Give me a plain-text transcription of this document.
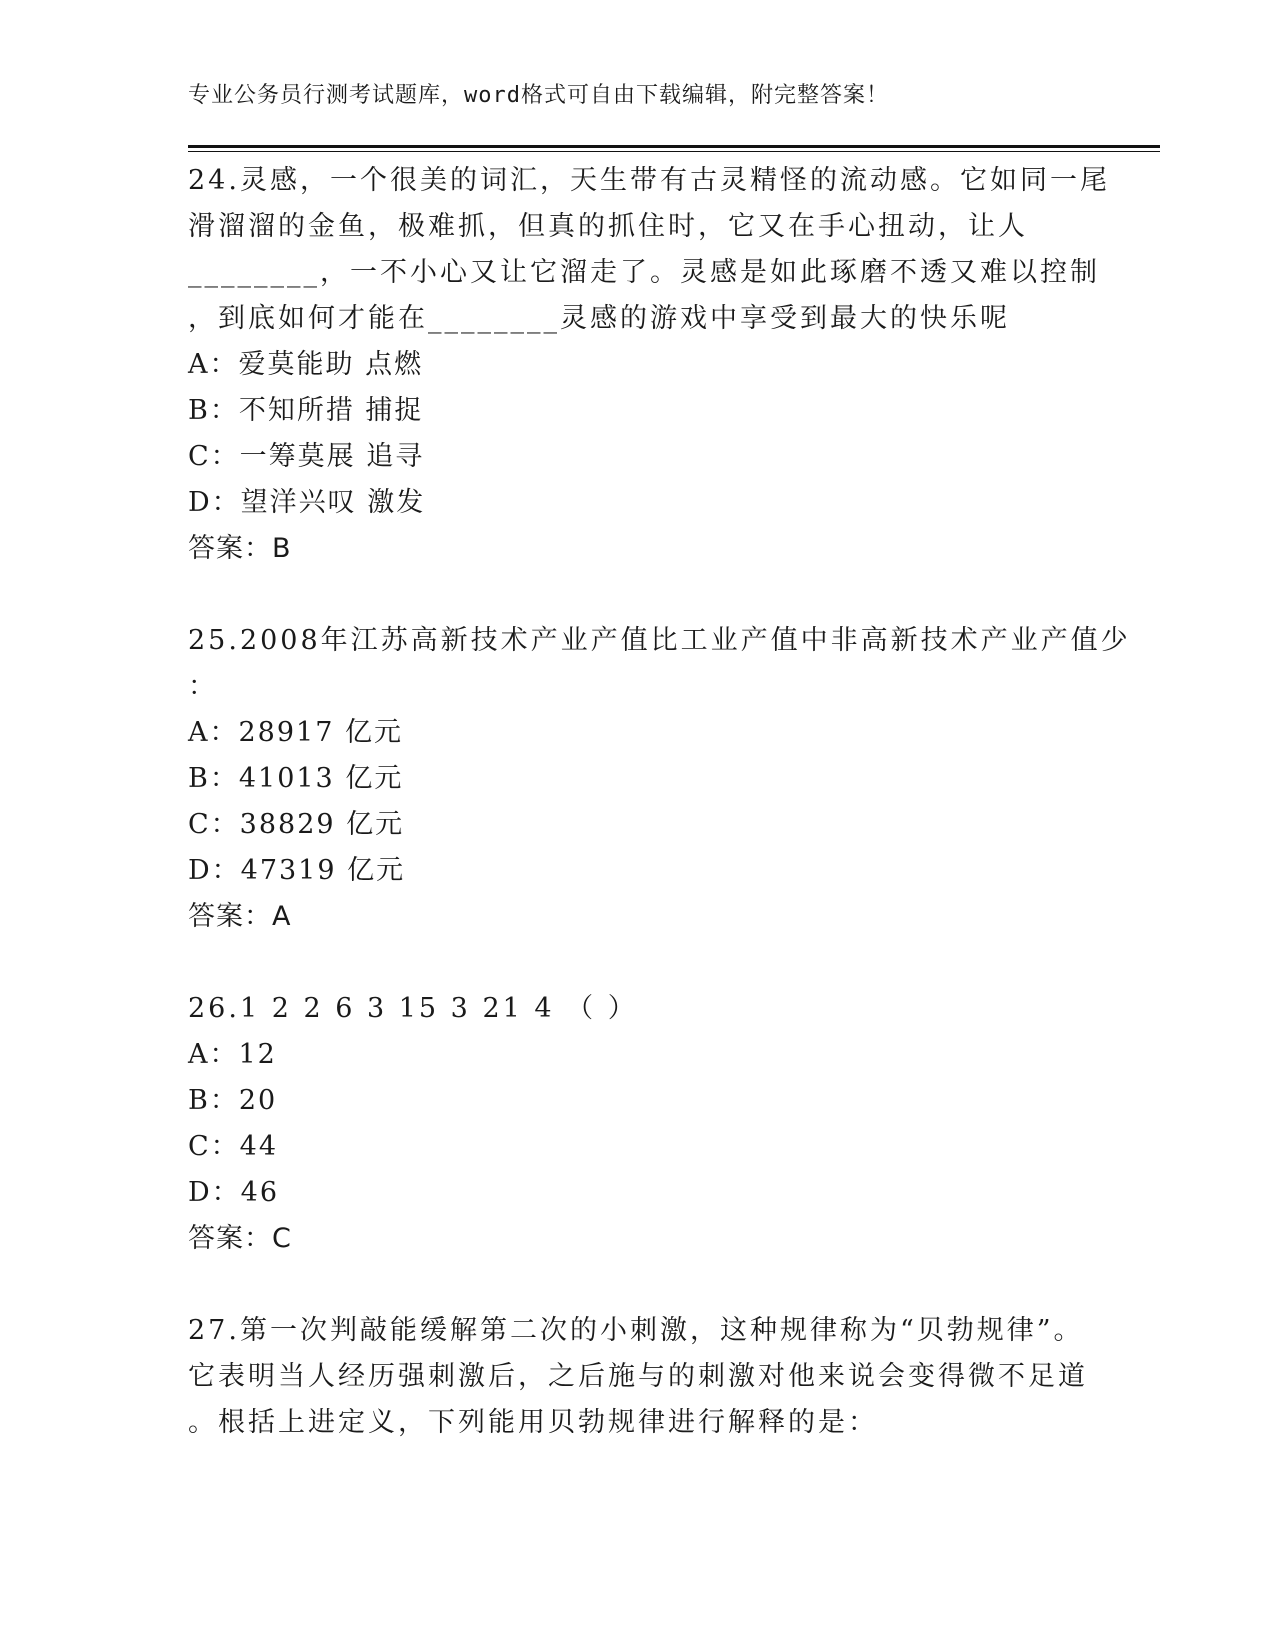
专业公务员行测考试题库，word格式可自由下载编辑，附完整答案！
24.灵感，一个很美的词汇，天生带有古灵精怪的流动感。它如同一尾
滑溜溜的金鱼，极难抓，但真的抓住时，它又在手心扭动，让人
________，一不小心又让它溜走了。灵感是如此琢磨不透又难以控制
，到底如何才能在________灵感的游戏中享受到最大的快乐呢
A：爱莫能助 点燃
B：不知所措 捕捉
C：一筹莫展 追寻
D：望洋兴叹 激发
答案：B
25.2008年江苏高新技术产业产值比工业产值中非高新技术产业产值少
：
A：28917 亿元
B：41013 亿元
C：38829 亿元
D：47319 亿元
答案：A
26.1 2 2 6 3 15 3 21 4 （ ）
A：12
B：20
C：44
D：46
答案：C
27.第一次判敲能缓解第二次的小刺激，这种规律称为“贝勃规律”。
它表明当人经历强刺激后，之后施与的刺激对他来说会变得微不足道
。根括上进定义，下列能用贝勃规律进行解释的是：
